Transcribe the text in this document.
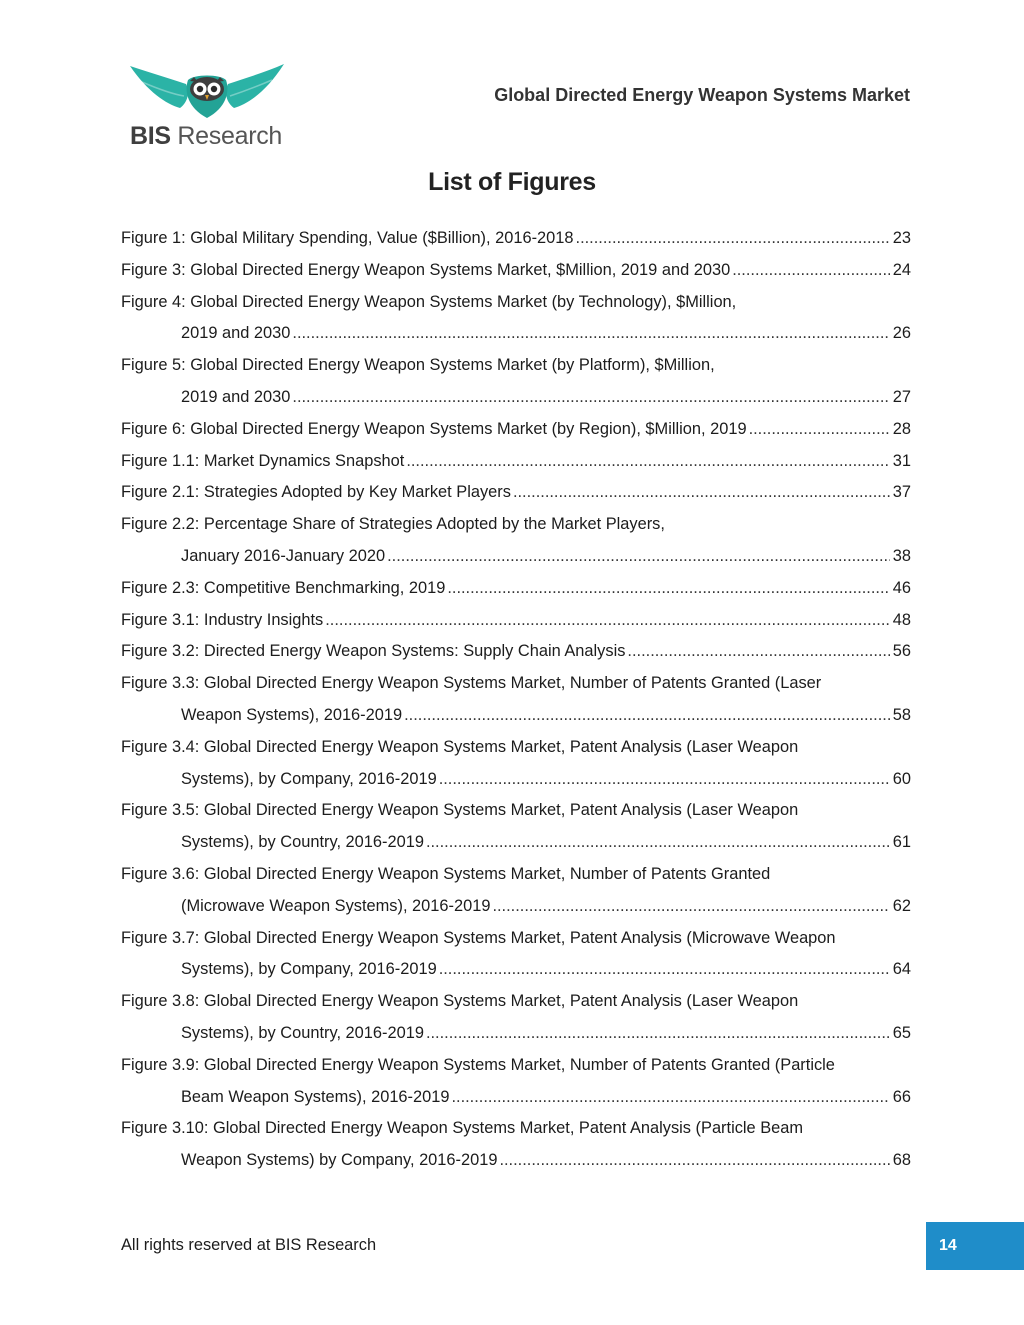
BIS Research
Global Directed Energy Weapon Systems Market
List of Figures
Figure 1: Global Military Spending, Value ($Billion), 2016-2018 .....	23
Figure 3: Global Directed Energy Weapon Systems Market, $Million, 2019 and 2030 .....	24
Figure 4: Global Directed Energy Weapon Systems Market (by Technology), $Million,
2019 and 2030 .....	26
Figure 5: Global Directed Energy Weapon Systems Market (by Platform), $Million,
2019 and 2030 .....	27
Figure 6: Global Directed Energy Weapon Systems Market (by Region), $Million, 2019 .....	28
Figure 1.1: Market Dynamics Snapshot .....	31
Figure 2.1: Strategies Adopted by Key Market Players .....	37
Figure 2.2: Percentage Share of Strategies Adopted by the Market Players,
January 2016-January 2020 .....	38
Figure 2.3: Competitive Benchmarking, 2019 .....	46
Figure 3.1: Industry Insights .....	48
Figure 3.2: Directed Energy Weapon Systems: Supply Chain Analysis .....	56
Figure 3.3: Global Directed Energy Weapon Systems Market, Number of Patents Granted (Laser
Weapon Systems), 2016-2019 .....	58
Figure 3.4: Global Directed Energy Weapon Systems Market, Patent Analysis (Laser Weapon
Systems), by Company, 2016-2019 .....	60
Figure 3.5: Global Directed Energy Weapon Systems Market, Patent Analysis (Laser Weapon
Systems), by Country, 2016-2019 .....	61
Figure 3.6: Global Directed Energy Weapon Systems Market, Number of Patents Granted
(Microwave Weapon Systems), 2016-2019 .....	62
Figure 3.7: Global Directed Energy Weapon Systems Market, Patent Analysis (Microwave Weapon
Systems), by Company, 2016-2019 .....	64
Figure 3.8: Global Directed Energy Weapon Systems Market, Patent Analysis (Laser Weapon
Systems), by Country, 2016-2019 .....	65
Figure 3.9: Global Directed Energy Weapon Systems Market, Number of Patents Granted (Particle
Beam Weapon Systems), 2016-2019 .....	66
Figure 3.10: Global Directed Energy Weapon Systems Market, Patent Analysis (Particle Beam
Weapon Systems) by Company, 2016-2019 .....	68
All rights reserved at BIS Research	14
